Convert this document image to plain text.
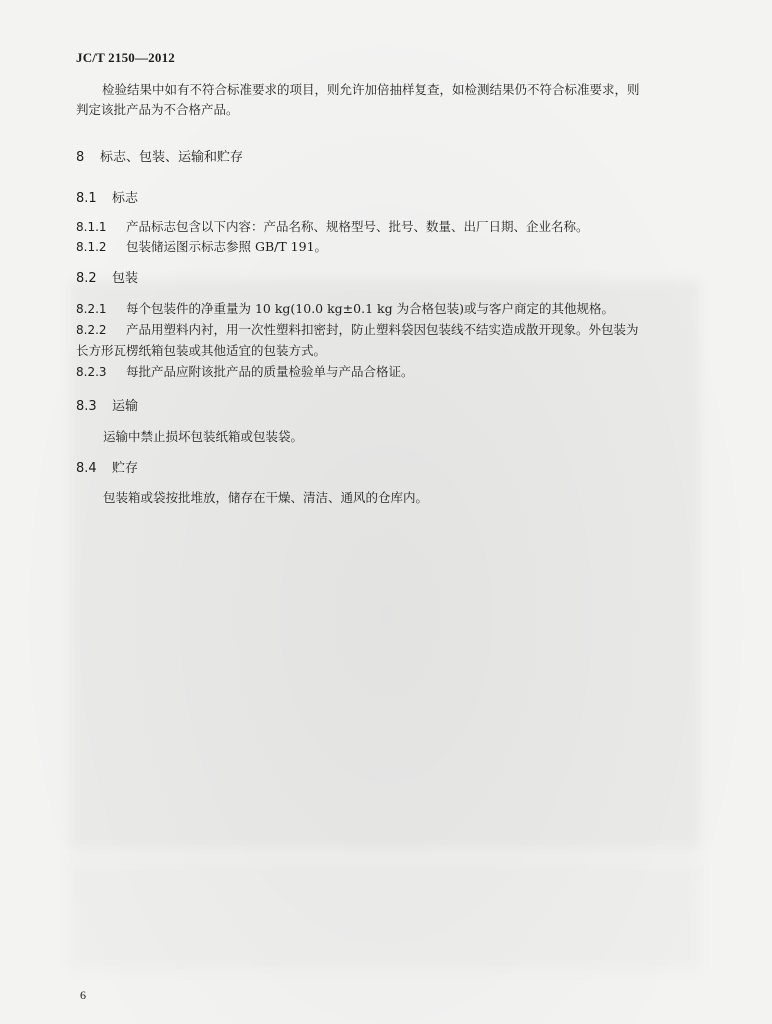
JC/T 2150—2012
检验结果中如有不符合标准要求的项目，则允许加倍抽样复查，如检测结果仍不符合标准要求，则
判定该批产品为不合格产品。
8 标志、包装、运输和贮存
8.1 标志
8.1.1 产品标志包含以下内容：产品名称、规格型号、批号、数量、出厂日期、企业名称。
8.1.2 包装储运图示标志参照 GB/T 191。
8.2 包装
8.2.1 每个包装件的净重量为 10 kg(10.0 kg±0.1 kg 为合格包装)或与客户商定的其他规格。
8.2.2 产品用塑料内衬，用一次性塑料扣密封，防止塑料袋因包装线不结实造成散开现象。外包装为
长方形瓦楞纸箱包装或其他适宜的包装方式。
8.2.3 每批产品应附该批产品的质量检验单与产品合格证。
8.3 运输
运输中禁止损坏包装纸箱或包装袋。
8.4 贮存
包装箱或袋按批堆放，储存在干燥、清洁、通风的仓库内。
6
